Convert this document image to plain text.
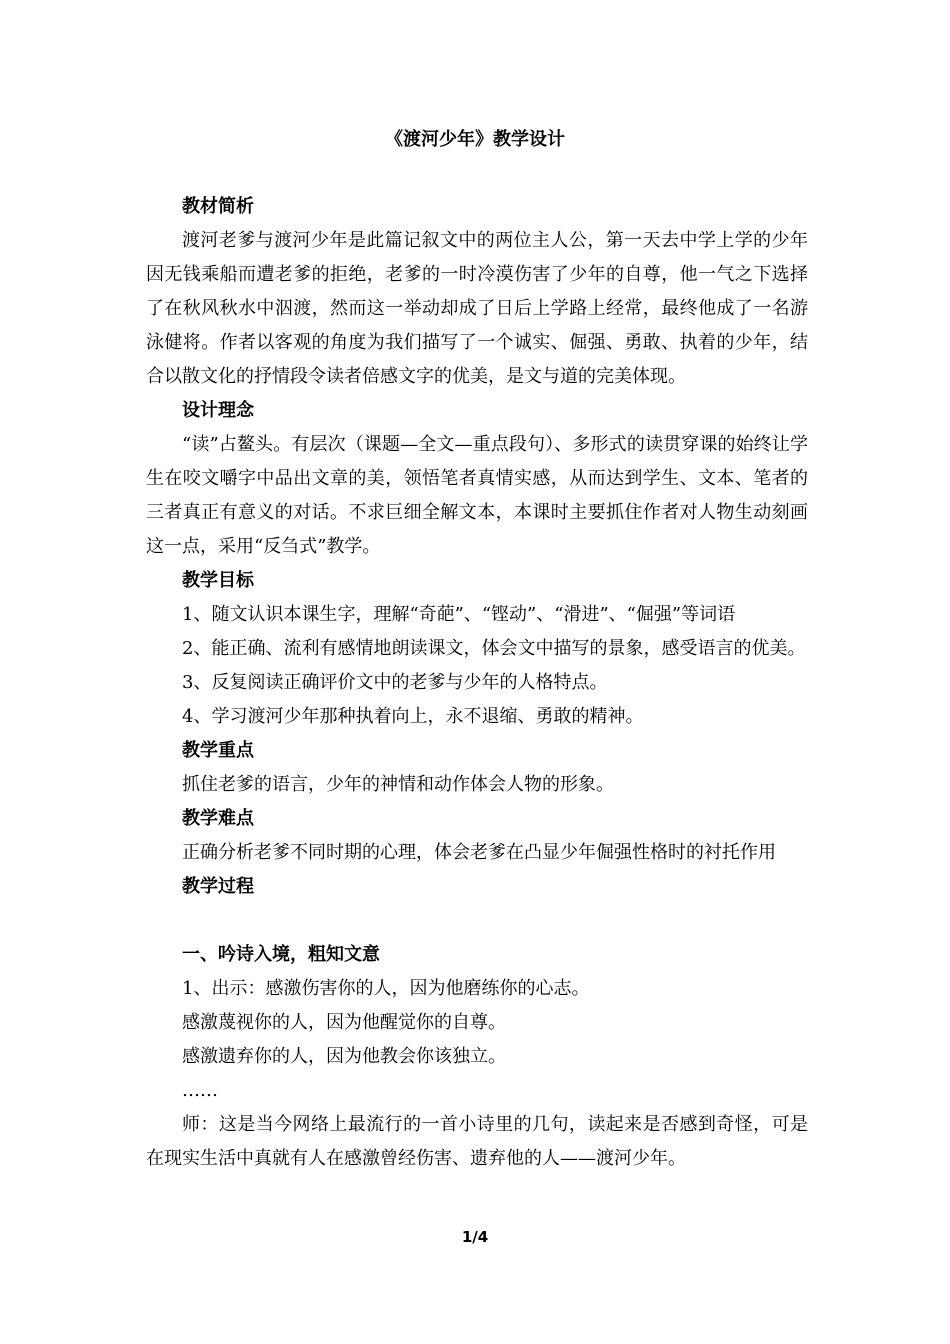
《渡河少年》教学设计
教材简析
渡河老爹与渡河少年是此篇记叙文中的两位主人公，第一天去中学上学的少年因无钱乘船而遭老爹的拒绝，老爹的一时冷漠伤害了少年的自尊，他一气之下选择了在秋风秋水中泅渡，然而这一举动却成了日后上学路上经常，最终他成了一名游泳健将。作者以客观的角度为我们描写了一个诚实、倔强、勇敢、执着的少年，结合以散文化的抒情段令读者倍感文字的优美，是文与道的完美体现。
设计理念
“读”占鳌头。有层次（课题—全文—重点段句）、多形式的读贯穿课的始终让学生在咬文嚼字中品出文章的美，领悟笔者真情实感，从而达到学生、文本、笔者的三者真正有意义的对话。不求巨细全解文本，本课时主要抓住作者对人物生动刻画这一点，采用“反刍式”教学。
教学目标
1、随文认识本课生字，理解“奇葩”、“铿动”、“滑进”、“倔强”等词语
2、能正确、流利有感情地朗读课文，体会文中描写的景象，感受语言的优美。
3、反复阅读正确评价文中的老爹与少年的人格特点。
4、学习渡河少年那种执着向上，永不退缩、勇敢的精神。
教学重点
抓住老爹的语言，少年的神情和动作体会人物的形象。
教学难点
正确分析老爹不同时期的心理，体会老爹在凸显少年倔强性格时的衬托作用
教学过程
一、吟诗入境，粗知文意
1、出示：感激伤害你的人，因为他磨练你的心志。
感激蔑视你的人，因为他醒觉你的自尊。
感激遗弃你的人，因为他教会你该独立。
……
师：这是当今网络上最流行的一首小诗里的几句，读起来是否感到奇怪，可是在现实生活中真就有人在感激曾经伤害、遗弃他的人——渡河少年。
1/4
